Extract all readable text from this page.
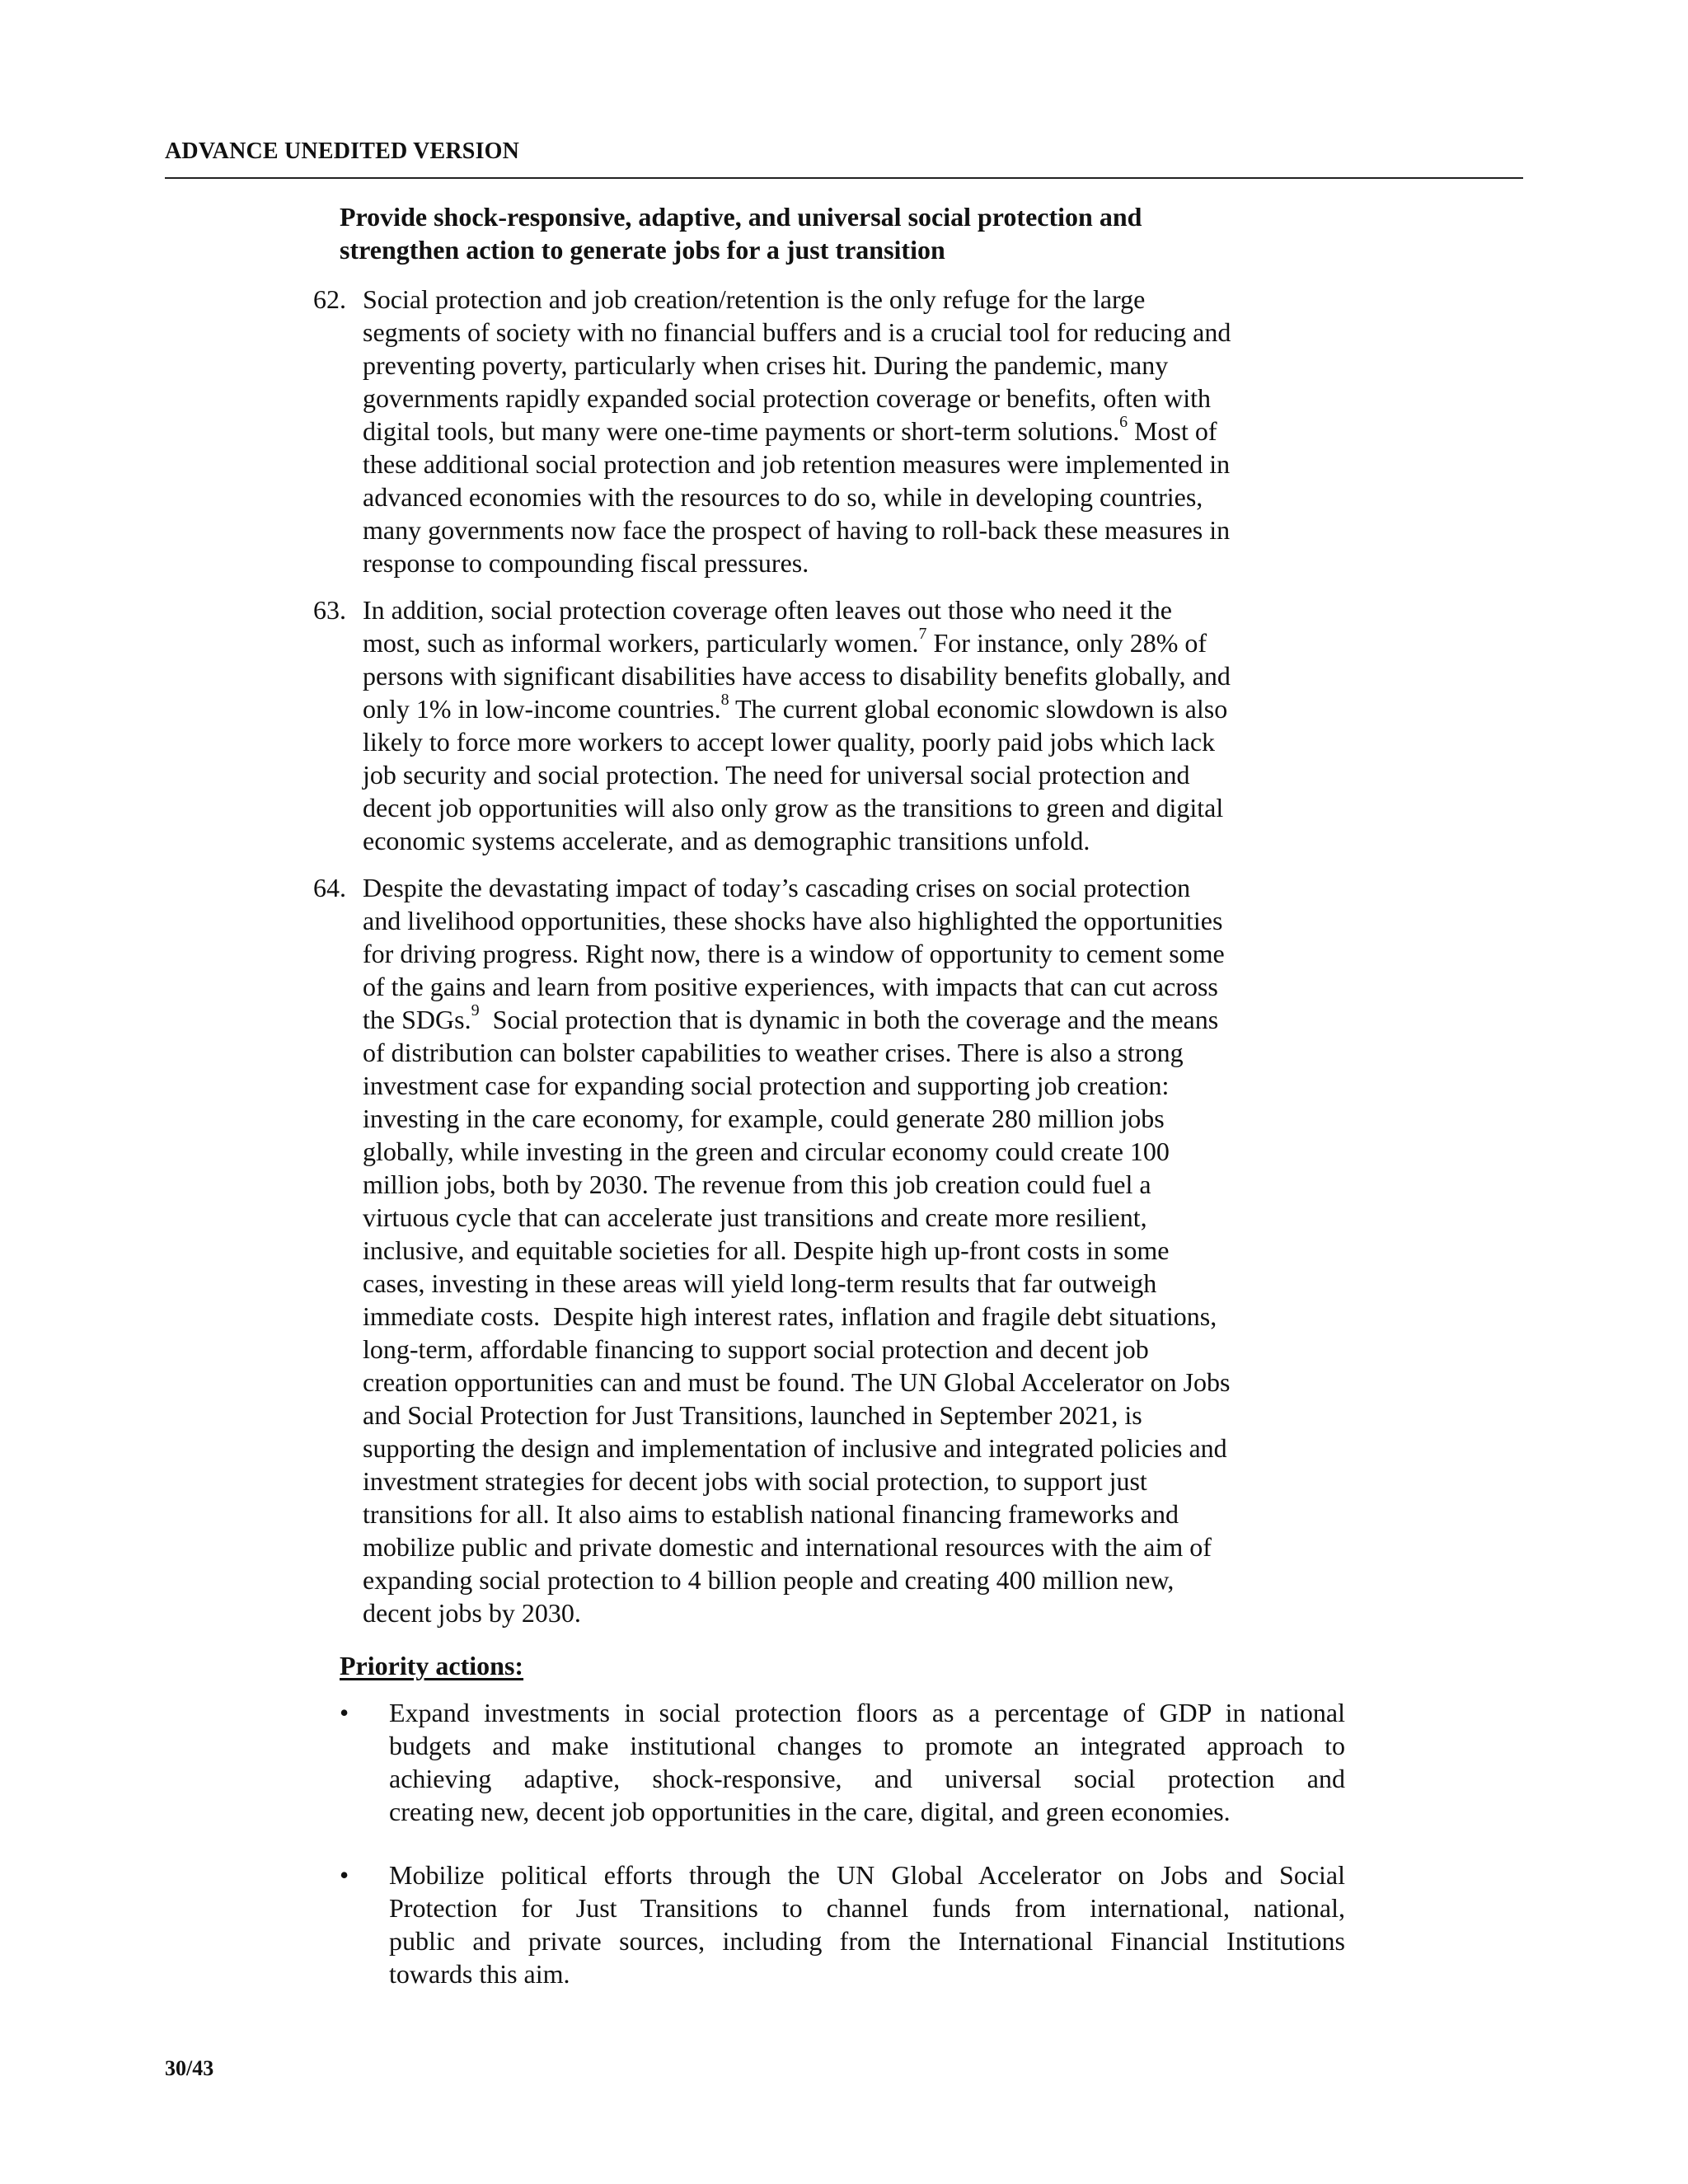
ADVANCE UNEDITED VERSION
Provide shock-responsive, adaptive, and universal social protection and
strengthen action to generate jobs for a just transition
62. Social protection and job creation/retention is the only refuge for the large
segments of society with no financial buffers and is a crucial tool for reducing and
preventing poverty, particularly when crises hit. During the pandemic, many
governments rapidly expanded social protection coverage or benefits, often with
digital tools, but many were one-time payments or short-term solutions.$^6$ Most of
these additional social protection and job retention measures were implemented in
advanced economies with the resources to do so, while in developing countries,
many governments now face the prospect of having to roll-back these measures in
response to compounding fiscal pressures.
63. In addition, social protection coverage often leaves out those who need it the
most, such as informal workers, particularly women.$^7$ For instance, only 28% of
persons with significant disabilities have access to disability benefits globally, and
only 1% in low-income countries.$^8$ The current global economic slowdown is also
likely to force more workers to accept lower quality, poorly paid jobs which lack
job security and social protection. The need for universal social protection and
decent job opportunities will also only grow as the transitions to green and digital
economic systems accelerate, and as demographic transitions unfold.
64. Despite the devastating impact of today’s cascading crises on social protection
and livelihood opportunities, these shocks have also highlighted the opportunities
for driving progress. Right now, there is a window of opportunity to cement some
of the gains and learn from positive experiences, with impacts that can cut across
the SDGs.$^9$  Social protection that is dynamic in both the coverage and the means
of distribution can bolster capabilities to weather crises. There is also a strong
investment case for expanding social protection and supporting job creation:
investing in the care economy, for example, could generate 280 million jobs
globally, while investing in the green and circular economy could create 100
million jobs, both by 2030. The revenue from this job creation could fuel a
virtuous cycle that can accelerate just transitions and create more resilient,
inclusive, and equitable societies for all. Despite high up-front costs in some
cases, investing in these areas will yield long-term results that far outweigh
immediate costs.  Despite high interest rates, inflation and fragile debt situations,
long-term, affordable financing to support social protection and decent job
creation opportunities can and must be found. The UN Global Accelerator on Jobs
and Social Protection for Just Transitions, launched in September 2021, is
supporting the design and implementation of inclusive and integrated policies and
investment strategies for decent jobs with social protection, to support just
transitions for all. It also aims to establish national financing frameworks and
mobilize public and private domestic and international resources with the aim of
expanding social protection to 4 billion people and creating 400 million new,
decent jobs by 2030.
Priority actions:
• Expand investments in social protection floors as a percentage of GDP in national
budgets and make institutional changes to promote an integrated approach to
achieving adaptive, shock-responsive, and universal social protection and
creating new, decent job opportunities in the care, digital, and green economies.
• Mobilize political efforts through the UN Global Accelerator on Jobs and Social
Protection for Just Transitions to channel funds from international, national,
public and private sources, including from the International Financial Institutions
towards this aim.
30/43
